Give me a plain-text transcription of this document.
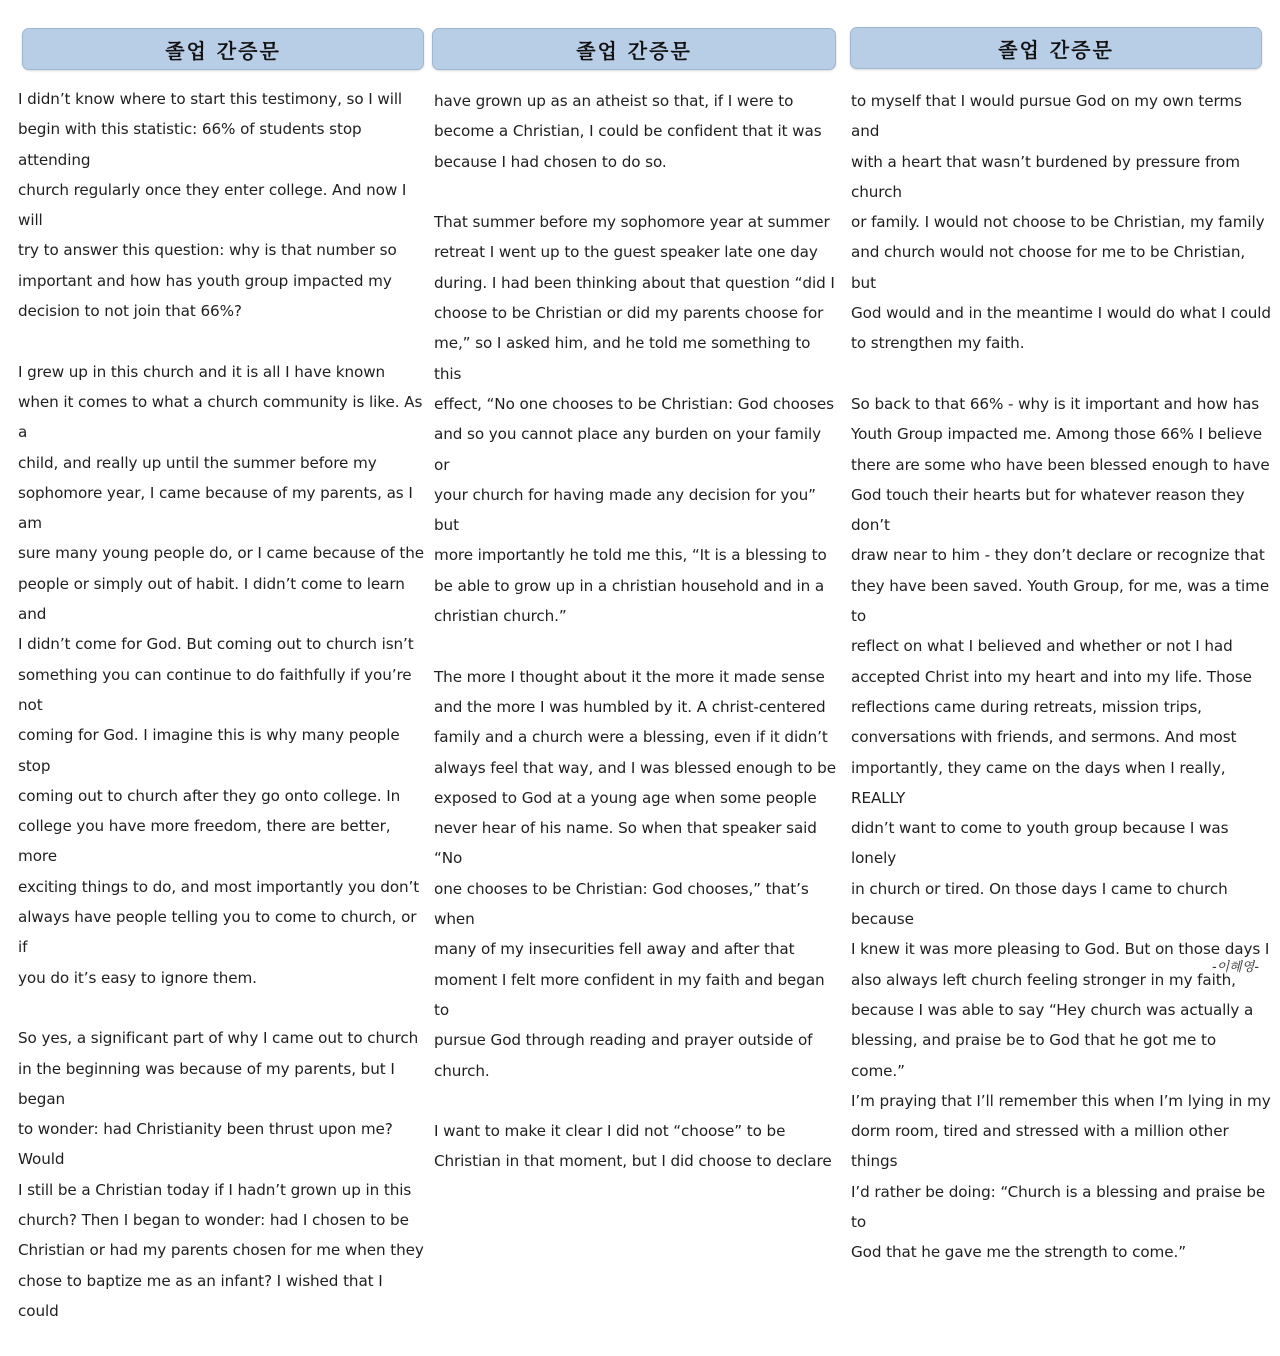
졸업 간증문	졸업 간증문	졸업 간증문

I didn’t know where to start this testimony, so I will
begin with this statistic: 66% of students stop attending
church regularly once they enter college. And now I will
try to answer this question: why is that number so
important and how has youth group impacted my
decision to not join that 66%?

I grew up in this church and it is all I have known
when it comes to what a church community is like. As a
child, and really up until the summer before my
sophomore year, I came because of my parents, as I am
sure many young people do, or I came because of the
people or simply out of habit. I didn’t come to learn and
I didn’t come for God. But coming out to church isn’t
something you can continue to do faithfully if you’re not
coming for God. I imagine this is why many people stop
coming out to church after they go onto college. In
college you have more freedom, there are better, more
exciting things to do, and most importantly you don’t
always have people telling you to come to church, or if
you do it’s easy to ignore them.

So yes, a significant part of why I came out to church
in the beginning was because of my parents, but I began
to wonder: had Christianity been thrust upon me? Would
I still be a Christian today if I hadn’t grown up in this
church? Then I began to wonder: had I chosen to be
Christian or had my parents chosen for me when they
chose to baptize me as an infant? I wished that I could

have grown up as an atheist so that, if I were to
become a Christian, I could be confident that it was
because I had chosen to do so.

That summer before my sophomore year at summer
retreat I went up to the guest speaker late one day
during. I had been thinking about that question “did I
choose to be Christian or did my parents choose for
me,” so I asked him, and he told me something to this
effect, “No one chooses to be Christian: God chooses
and so you cannot place any burden on your family or
your church for having made any decision for you” but
more importantly he told me this, “It is a blessing to
be able to grow up in a christian household and in a
christian church.”

The more I thought about it the more it made sense
and the more I was humbled by it. A christ-centered
family and a church were a blessing, even if it didn’t
always feel that way, and I was blessed enough to be
exposed to God at a young age when some people
never hear of his name. So when that speaker said “No
one chooses to be Christian: God chooses,” that’s when
many of my insecurities fell away and after that
moment I felt more confident in my faith and began to
pursue God through reading and prayer outside of
church.

I want to make it clear I did not “choose” to be
Christian in that moment, but I did choose to declare

to myself that I would pursue God on my own terms and
with a heart that wasn’t burdened by pressure from church
or family. I would not choose to be Christian, my family
and church would not choose for me to be Christian, but
God would and in the meantime I would do what I could
to strengthen my faith.

So back to that 66% - why is it important and how has
Youth Group impacted me. Among those 66% I believe
there are some who have been blessed enough to have
God touch their hearts but for whatever reason they don’t
draw near to him - they don’t declare or recognize that
they have been saved. Youth Group, for me, was a time to
reflect on what I believed and whether or not I had
accepted Christ into my heart and into my life. Those
reflections came during retreats, mission trips,
conversations with friends, and sermons. And most
importantly, they came on the days when I really, REALLY
didn’t want to come to youth group because I was lonely
in church or tired. On those days I came to church because
I knew it was more pleasing to God. But on those days I
also always left church feeling stronger in my faith,
because I was able to say “Hey church was actually a
blessing, and praise be to God that he got me to come.”
I’m praying that I’ll remember this when I’m lying in my
dorm room, tired and stressed with a million other things
I’d rather be doing: “Church is a blessing and praise be to
God that he gave me the strength to come.”

-이혜영-
